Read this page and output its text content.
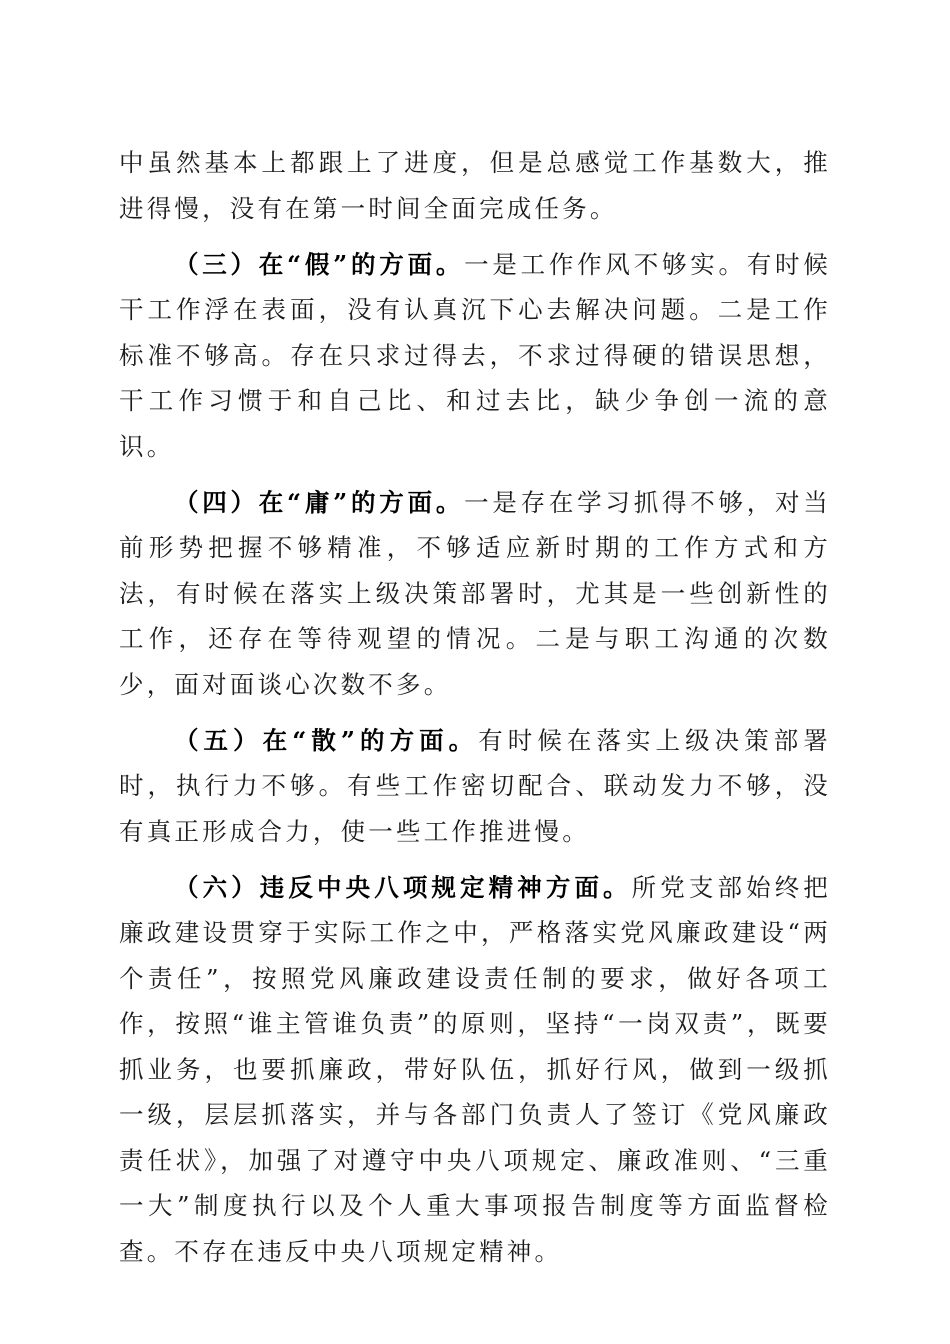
中虽然基本上都跟上了进度，但是总感觉工作基数大，推进得慢，没有在第一时间全面完成任务。

（三）在“假”的方面。一是工作作风不够实。有时候干工作浮在表面，没有认真沉下心去解决问题。二是工作标准不够高。存在只求过得去，不求过得硬的错误思想，干工作习惯于和自己比、和过去比，缺少争创一流的意识。

（四）在“庸”的方面。一是存在学习抓得不够，对当前形势把握不够精准，不够适应新时期的工作方式和方法，有时候在落实上级决策部署时，尤其是一些创新性的工作，还存在等待观望的情况。二是与职工沟通的次数少，面对面谈心次数不多。

（五）在“散”的方面。有时候在落实上级决策部署时，执行力不够。有些工作密切配合、联动发力不够，没有真正形成合力，使一些工作推进慢。

（六）违反中央八项规定精神方面。所党支部始终把廉政建设贯穿于实际工作之中，严格落实党风廉政建设“两个责任”，按照党风廉政建设责任制的要求，做好各项工作，按照“谁主管谁负责”的原则，坚持“一岗双责”，既要抓业务，也要抓廉政，带好队伍，抓好行风，做到一级抓一级，层层抓落实，并与各部门负责人了签订《党风廉政责任状》，加强了对遵守中央八项规定、廉政准则、“三重一大”制度执行以及个人重大事项报告制度等方面监督检查。不存在违反中央八项规定精神。
